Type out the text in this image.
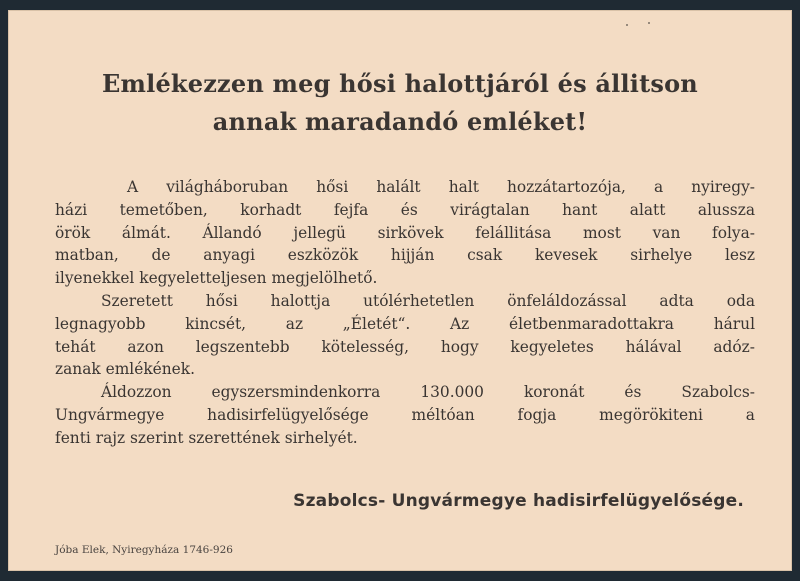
Emlékezzen meg hősi halottjáról és állitson
annak maradandó emléket!
A világháboruban hősi halált halt hozzátartozója, a nyiregy-
házi temetőben, korhadt fejfa és virágtalan hant alatt alussza
örök álmát. Állandó jellegü sirkövek felállitása most van folya-
matban, de anyagi eszközök hijján csak kevesek sirhelye lesz
ilyenekkel kegyeletteljesen megjelölhető.
Szeretett hősi halottja utólérhetetlen önfeláldozással adta oda
legnagyobb kincsét, az „Életét“. Az életbenmaradottakra hárul
tehát azon legszentebb kötelesség, hogy kegyeletes hálával adóz-
zanak emlékének.
Áldozzon egyszersmindenkorra 130.000 koronát és Szabolcs-
Ungvármegye hadisirfelügyelősége méltóan fogja megörökiteni a
fenti rajz szerint szerettének sirhelyét.
Szabolcs- Ungvármegye hadisirfelügyelősége.
Jóba Elek, Nyiregyháza 1746-926
